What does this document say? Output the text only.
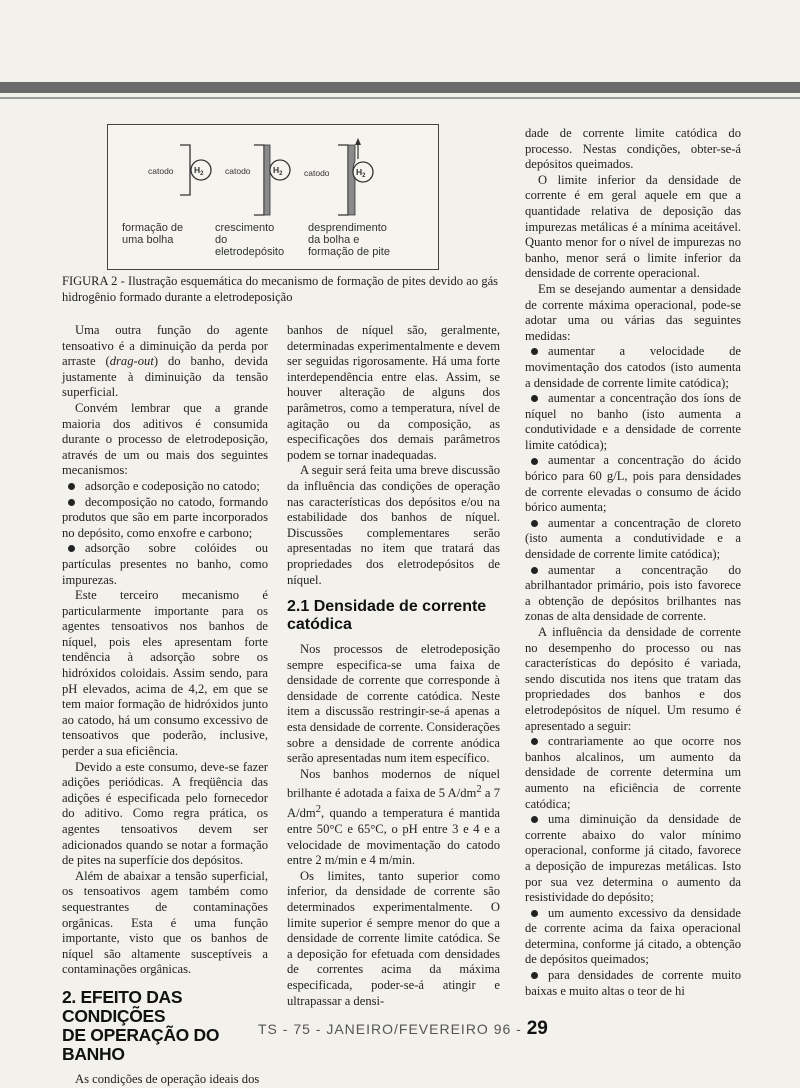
catodo $H_2$
formação de
uma bolha
catodo	$H_2$
crescimento
do
eletrodepósito
catodo	$H_2$
desprendimento
da bolha e
formação de pite
FIGURA 2 - Ilustração esquemática do mecanismo de formação de pites devido ao gás hidrogênio formado durante a eletrodeposição

Uma outra função do agente tensoativo é a diminuição da perda por arraste (drag-out) do banho, devida justamente à diminuição da tensão superficial.

Convém lembrar que a grande maioria dos aditivos é consumida durante o processo de eletrodeposição, através de um ou mais dos seguintes mecanismos:

adsorção e codeposição no catodo;

decomposição no catodo, formando produtos que são em parte incorporados no depósito, como enxofre e carbono;

adsorção sobre colóides ou partículas presentes no banho, como impurezas.

Este terceiro mecanismo é particularmente importante para os agentes tensoativos nos banhos de níquel, pois eles apresentam forte tendência à adsorção sobre os hidróxidos coloidais. Assim sendo, para pH elevados, acima de 4,2, em que se tem maior formação de hidróxidos junto ao catodo, há um consumo excessivo de tensoativos que poderão, inclusive, perder a sua eficiência.

Devido a este consumo, deve-se fazer adições periódicas. A freqüência das adições é especificada pelo fornecedor do aditivo. Como regra prática, os agentes tensoativos devem ser adicionados quando se notar a formação de pites na superfície dos depósitos.

Além de abaixar a tensão superficial, os tensoativos agem também como sequestrantes de contaminações orgânicas. Esta é uma função importante, visto que os banhos de níquel são altamente susceptíveis a contaminações orgânicas.

2. EFEITO DAS CONDIÇÕES
DE OPERAÇÃO DO BANHO

As condições de operação ideais dos

banhos de níquel são, geralmente, determinadas experimentalmente e devem ser seguidas rigorosamente. Há uma forte interdependência entre elas. Assim, se houver alteração de alguns dos parâmetros, como a temperatura, nível de agitação ou da composição, as especificações dos demais parâmetros podem se tornar inadequadas.

A seguir será feita uma breve discussão da influência das condições de operação nas características dos depósitos e/ou na estabilidade dos banhos de níquel. Discussões complementares serão apresentadas no item que tratará das propriedades dos eletrodepósitos de níquel.

2.1 Densidade de corrente
catódica

Nos processos de eletrodeposição sempre especifica-se uma faixa de densidade de corrente que corresponde à densidade de corrente catódica. Neste item a discussão restringir-se-á apenas a esta densidade de corrente. Considerações sobre a densidade de corrente anódica serão apresentadas num item específico.

Nos banhos modernos de níquel brilhante é adotada a faixa de 5 $A/dm^2$ a 7 $A/dm^2$, quando a temperatura é mantida entre 50°C e 65°C, o pH entre 3 e 4 e a velocidade de movimentação do catodo entre 2 m/min e 4 m/min.

Os limites, tanto superior como inferior, da densidade de corrente são determinados experimentalmente. O limite superior é sempre menor do que a densidade de corrente limite catódica. Se a deposição for efetuada com densidades de correntes acima da máxima especificada, poder-se-á atingir e ultrapassar a densi-

dade de corrente limite catódica do processo. Nestas condições, obter-se-á depósitos queimados.

O limite inferior da densidade de corrente é em geral aquele em que a quantidade relativa de deposição das impurezas metálicas é a mínima aceitável. Quanto menor for o nível de impurezas no banho, menor será o limite inferior da densidade de corrente operacional.

Em se desejando aumentar a densidade de corrente máxima operacional, pode-se adotar uma ou várias das seguintes medidas:

aumentar a velocidade de movimentação dos catodos (isto aumenta a densidade de corrente limite catódica);

aumentar a concentração dos íons de níquel no banho (isto aumenta a condutividade e a densidade de corrente limite catódica);

aumentar a concentração do ácido bórico para 60 g/L, pois para densidades de corrente elevadas o consumo de ácido bórico aumenta;

aumentar a concentração de cloreto (isto aumenta a condutividade e a densidade de corrente limite catódica);

aumentar a concentração do abrilhantador primário, pois isto favorece a obtenção de depósitos brilhantes nas zonas de alta densidade de corrente.

A influência da densidade de corrente no desempenho do processo ou nas características do depósito é variada, sendo discutida nos itens que tratam das propriedades dos banhos e dos eletrodepósitos de níquel. Um resumo é apresentado a seguir:

contrariamente ao que ocorre nos banhos alcalinos, um aumento da densidade de corrente determina um aumento na eficiência de corrente catódica;

uma diminuição da densidade de corrente abaixo do valor mínimo operacional, conforme já citado, favorece a deposição de impurezas metálicas. Isto por sua vez determina o aumento da resistividade do depósito;

um aumento excessivo da densidade de corrente acima da faixa operacional determina, conforme já citado, a obtenção de depósitos queimados;

para densidades de corrente muito baixas e muito altas o teor de hi

TS - 75 - JANEIRO/FEVEREIRO 96 - 29
